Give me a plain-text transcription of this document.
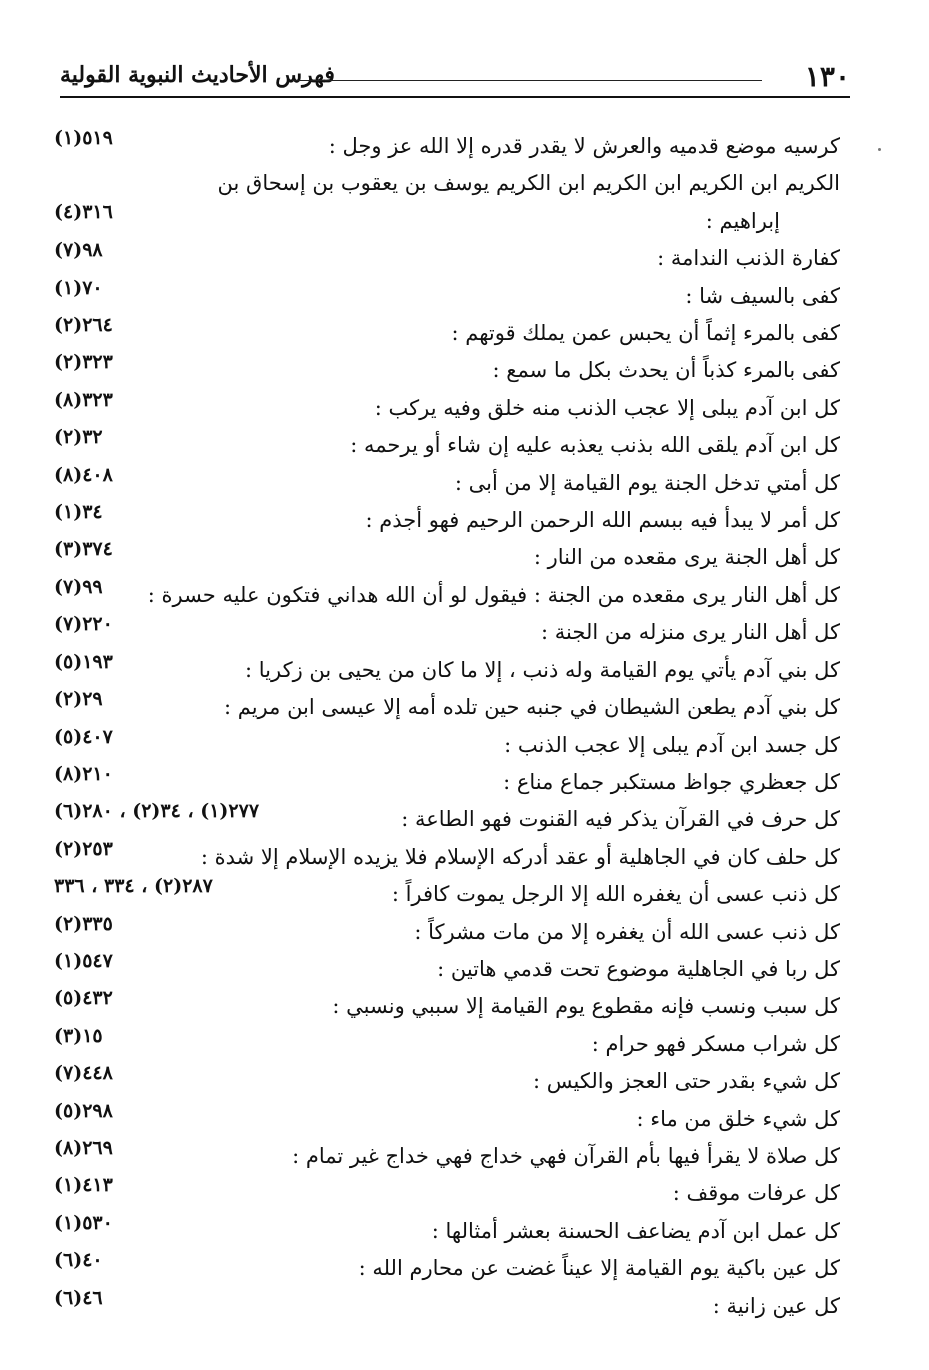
١٣٠
فهرس الأحاديث النبوية القولية
كرسيه موضع قدميه والعرش لا يقدر قدره إلا الله عز وجل :
٥١٩(١)
الكريم ابن الكريم ابن الكريم ابن الكريم يوسف بن يعقوب بن إسحاق بن
إبراهيم :
٣١٦(٤)
كفارة الذنب الندامة :
٩٨(٧)
كفى بالسيف شا :
٧٠(١)
كفى بالمرء إثماً أن يحبس عمن يملك قوتهم :
٢٦٤(٢)
كفى بالمرء كذباً أن يحدث بكل ما سمع :
٣٢٣(٢)
كل ابن آدم يبلى إلا عجب الذنب منه خلق وفيه يركب :
٣٢٣(٨)
كل ابن آدم يلقى الله بذنب يعذبه عليه إن شاء أو يرحمه :
٣٢(٢)
كل أمتي تدخل الجنة يوم القيامة إلا من أبى :
٤٠٨(٨)
كل أمر لا يبدأ فيه ببسم الله الرحمن الرحيم فهو أجذم :
٣٤(١)
كل أهل الجنة يرى مقعده من النار :
٣٧٤(٣)
كل أهل النار يرى مقعده من الجنة : فيقول لو أن الله هداني فتكون عليه حسرة :
٩٩(٧)
كل أهل النار يرى منزله من الجنة :
٢٢٠(٧)
كل بني آدم يأتي يوم القيامة وله ذنب ، إلا ما كان من يحيى بن زكريا :
١٩٣(٥)
كل بني آدم يطعن الشيطان في جنبه حين تلده أمه إلا عيسى ابن مريم :
٢٩(٢)
كل جسد ابن آدم يبلى إلا عجب الذنب :
٤٠٧(٥)
كل جعظري جواظ مستكبر جماع مناع :
٢١٠(٨)
كل حرف في القرآن يذكر فيه القنوت فهو الطاعة :
٢٧٧(١) ، ٣٤(٢) ، ٢٨٠(٦)
كل حلف كان في الجاهلية أو عقد أدركه الإسلام فلا يزيده الإسلام إلا شدة :
٢٥٣(٢)
كل ذنب عسى أن يغفره الله إلا الرجل يموت كافراً :
٢٨٧(٢) ، ٣٣٤ ، ٣٣٦
كل ذنب عسى الله أن يغفره إلا من مات مشركاً :
٣٣٥(٢)
كل ربا في الجاهلية موضوع تحت قدمي هاتين :
٥٤٧(١)
كل سبب ونسب فإنه مقطوع يوم القيامة إلا سببي ونسبي :
٤٣٢(٥)
كل شراب مسكر فهو حرام :
١٥(٣)
كل شيء بقدر حتى العجز والكيس :
٤٤٨(٧)
كل شيء خلق من ماء :
٢٩٨(٥)
كل صلاة لا يقرأ فيها بأم القرآن فهي خداج فهي خداج غير تمام :
٢٦٩(٨)
كل عرفات موقف :
٤١٣(١)
كل عمل ابن آدم يضاعف الحسنة بعشر أمثالها :
٥٣٠(١)
كل عين باكية يوم القيامة إلا عيناً غضت عن محارم الله :
٤٠(٦)
كل عين زانية :
٤٦(٦)
